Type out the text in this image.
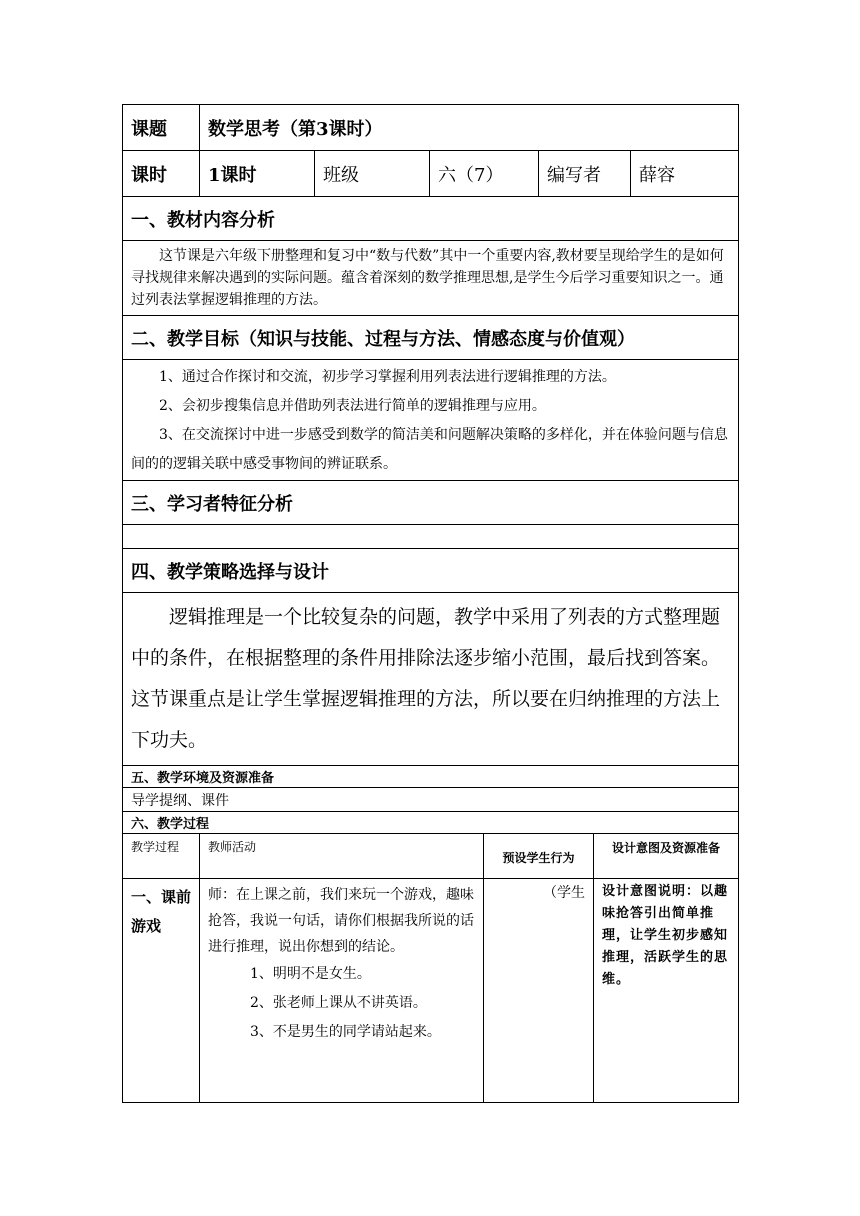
课题	数学思考（第3课时）				
课时	1课时	班级	六（7）	编写者	薛容
一、教材内容分析					
这节课是六年级下册整理和复习中“数与代数”其中一个重要内容,教材要呈现给学生的是如何寻找规律来解决遇到的实际问题。蕴含着深刻的数学推理思想,是学生今后学习重要知识之一。通过列表法掌握逻辑推理的方法。					
二、教学目标（知识与技能、过程与方法、情感态度与价值观）					

1、通过合作探讨和交流，初步学习掌握利用列表法进行逻辑推理的方法。
2、会初步搜集信息并借助列表法进行简单的逻辑推理与应用。
3、在交流探讨中进一步感受到数学的简洁美和问题解决策略的多样化，并在体验问题与信息间的的逻辑关联中感受事物间的辨证联系。					

三、学习者特征分析					

四、教学策略选择与设计					
逻辑推理是一个比较复杂的问题，教学中采用了列表的方式整理题中的条件，在根据整理的条件用排除法逐步缩小范围，最后找到答案。这节课重点是让学生掌握逻辑推理的方法，所以要在归纳推理的方法上下功夫。					
五、教学环境及资源准备					
导学提纲、课件					
六、教学过程					
教学过程	教师活动	预设学生行为	设计意图及资源准备
一、课前游戏	师：在上课之前，我们来玩一个游戏，趣味抢答，我说一句话，请你们根据我所说的话进行推理，说出你想到的结论。

1、明明不是女生。

2、张老师上课从不讲英语。

3、不是男生的同学请站起来。	（学生	设计意图说明：以趣味抢答引出简单推理，让学生初步感知推理，活跃学生的思维。
